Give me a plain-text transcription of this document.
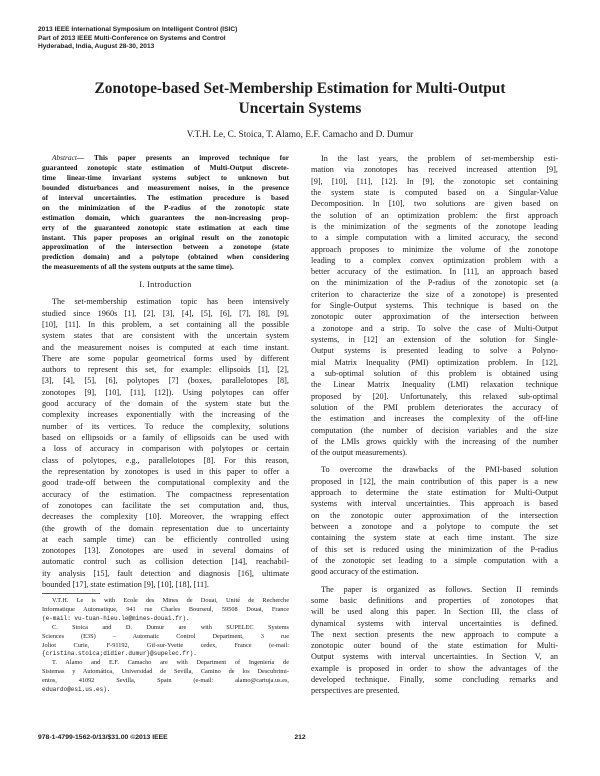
2013 IEEE International Symposium on Intelligent Control (ISIC)
Part of 2013 IEEE Multi-Conference on Systems and Control
Hyderabad, India, August 28-30, 2013
Zonotope-based Set-Membership Estimation for Multi-Output
Uncertain Systems
V.T.H. Le, C. Stoica, T. Alamo, E.F. Camacho and D. Dumur
Abstract— This paper presents an improved technique for
guaranteed zonotopic state estimation of Multi-Output discrete-
time linear-time invariant systems subject to unknown but
bounded disturbances and measurement noises, in the presence
of interval uncertainties. The estimation procedure is based
on the minimization of the P-radius of the zonotopic state
estimation domain, which guarantees the non-increasing prop-
erty of the guaranteed zonotopic state estimation at each time
instant. This paper proposes an original result on the zonotopic
approximation of the intersection between a zonotope (state
prediction domain) and a polytope (obtained when considering
the measurements of all the system outputs at the same time).
I. Introduction
The set-membership estimation topic has been intensively
studied since 1960s [1], [2], [3], [4], [5], [6], [7], [8], [9],
[10], [11]. In this problem, a set containing all the possible
system states that are consistent with the uncertain system
and the measurement noises is computed at each time instant.
There are some popular geometrical forms used by different
authors to represent this set, for example: ellipsoids [1], [2],
[3], [4], [5], [6], polytopes [7] (boxes, parallelotopes [8],
zonotopes [9], [10], [11], [12]). Using polytopes can offer
good accuracy of the domain of the system state but the
complexity increases exponentially with the increasing of the
number of its vertices. To reduce the complexity, solutions
based on ellipsoids or a family of ellipsoids can be used with
a loss of accuracy in comparison with polytopes or certain
class of polytopes, e.g., parallelotopes [8]. For this reason,
the representation by zonotopes is used in this paper to offer a
good trade-off between the computational complexity and the
accuracy of the estimation. The compactness representation
of zonotopes can facilitate the set computation and, thus,
decreases the complexity [10]. Moreover, the wrapping effect
(the growth of the domain representation due to uncertainty
at each sample time) can be efficiently controlled using
zonotopes [13]. Zonotopes are used in several domains of
automatic control such as collision detection [14], reachabil-
ity analysis [15], fault detection and diagnosis [16], ultimate
bounded [17], state estimation [9], [10], [18], [11].
V.T.H. Le is with Ecole des Mines de Douai, Unité de Recherche
Informatique Automatique, 941 rue Charles Bourseul, 59508 Douai, France
(e-mail: vu-tuan-hieu.le@mines-douai.fr).
C. Stoica and D. Dumur are with SUPELEC Systems
Sciences (E3S) – Automatic Control Department, 3 rue
Joliot Curie, F-91192, Gif-sur-Yvette cedex, France (e-mail:
{cristina.stoica;didier.dumur}@supelec.fr).
T. Alamo and E.F. Camacho are with Department of Ingeniería de
Sistemas y Automática, Universidad de Sevilla, Camino de los Descubrimi-
entos, 41092 Sevilla, Spain (e-mail: alamo@cartuja.us.es,
eduardo@esi.us.es).
In the last years, the problem of set-membership esti-
mation via zonotopes has received increased attention [9],
[9], [10], [11], [12]. In [9], the zonotopic set containing
the system state is computed based on a Singular-Value
Decomposition. In [10], two solutions are given based on
the solution of an optimization problem: the first approach
is the minimization of the segments of the zonotope leading
to a simple computation with a limited accuracy, the second
approach proposes to minimize the volume of the zonotope
leading to a complex convex optimization problem with a
better accuracy of the estimation. In [11], an approach based
on the minimization of the P-radius of the zonotopic set (a
criterion to characterize the size of a zonotope) is presented
for Single-Output systems. This technique is based on the
zonotopic outer approximation of the intersection between
a zonotope and a strip. To solve the case of Multi-Output
systems, in [12] an extension of the solution for Single-
Output systems is presented leading to solve a Polyno-
mial Matrix Inequality (PMI) optimization problem. In [12],
a sub-optimal solution of this problem is obtained using
the Linear Matrix Inequality (LMI) relaxation technique
proposed by [20]. Unfortunately, this relaxed sub-optimal
solution of the PMI problem deteriorates the accuracy of
the estimation and increases the complexity of the off-line
computation (the number of decision variables and the size
of the LMIs grows quickly with the increasing of the number
of the output measurements).
To overcome the drawbacks of the PMI-based solution
proposed in [12], the main contribution of this paper is a new
approach to determine the state estimation for Multi-Output
systems with interval uncertainties. This approach is based
on the zonotopic outer approximation of the intersection
between a zonotope and a polytope to compute the set
containing the system state at each time instant. The size
of this set is reduced using the minimization of the P-radius
of the zonotopic set leading to a simple computation with a
good accuracy of the estimation.
The paper is organized as follows. Section II reminds
some basic definitions and properties of zonotopes that
will be used along this paper. In Section III, the class of
dynamical systems with interval uncertainties is defined.
The next section presents the new approach to compute a
zonotopic outer bound of the state estimation for Multi-
Output systems with interval uncertainties. In Section V, an
example is proposed in order to show the advantages of the
developed technique. Finally, some concluding remarks and
perspectives are presented.
978-1-4799-1562-0/13/$31.00 ©2013 IEEE	212
